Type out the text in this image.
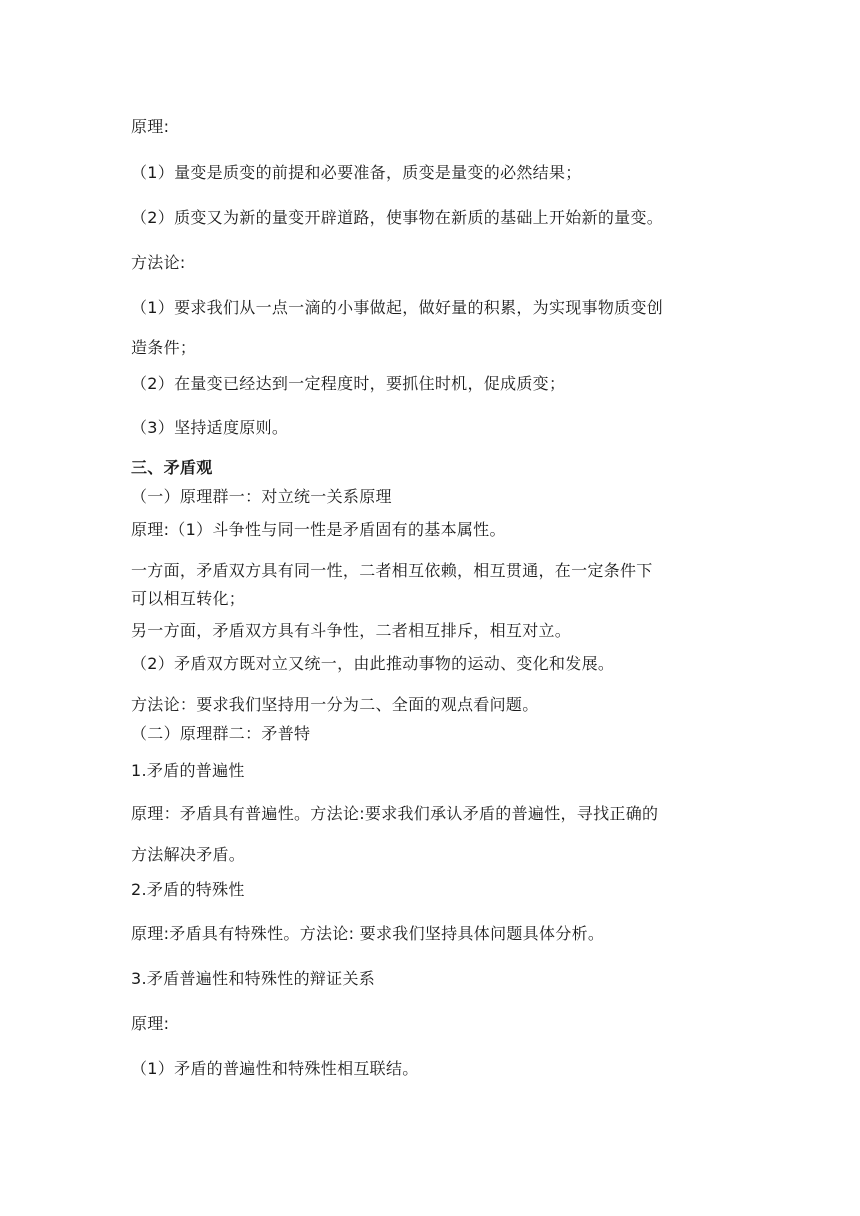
原理:
（1）量变是质变的前提和必要准备，质变是量变的必然结果；
（2）质变又为新的量变开辟道路，使事物在新质的基础上开始新的量变。
方法论:
（1）要求我们从一点一滴的小事做起，做好量的积累，为实现事物质变创
造条件；
（2）在量变已经达到一定程度时，要抓住时机，促成质变；
（3）坚持适度原则。
三、矛盾观
（一）原理群一：对立统一关系原理
原理:（1）斗争性与同一性是矛盾固有的基本属性。
一方面，矛盾双方具有同一性，二者相互依赖，相互贯通，在一定条件下
可以相互转化；
另一方面，矛盾双方具有斗争性，二者相互排斥，相互对立。
（2）矛盾双方既对立又统一，由此推动事物的运动、变化和发展。
方法论：要求我们坚持用一分为二、全面的观点看问题。
（二）原理群二：矛普特
1.矛盾的普遍性
原理：矛盾具有普遍性。方法论:要求我们承认矛盾的普遍性，寻找正确的
方法解决矛盾。
2.矛盾的特殊性
原理:矛盾具有特殊性。方法论: 要求我们坚持具体问题具体分析。
3.矛盾普遍性和特殊性的辩证关系
原理:
（1）矛盾的普遍性和特殊性相互联结。
